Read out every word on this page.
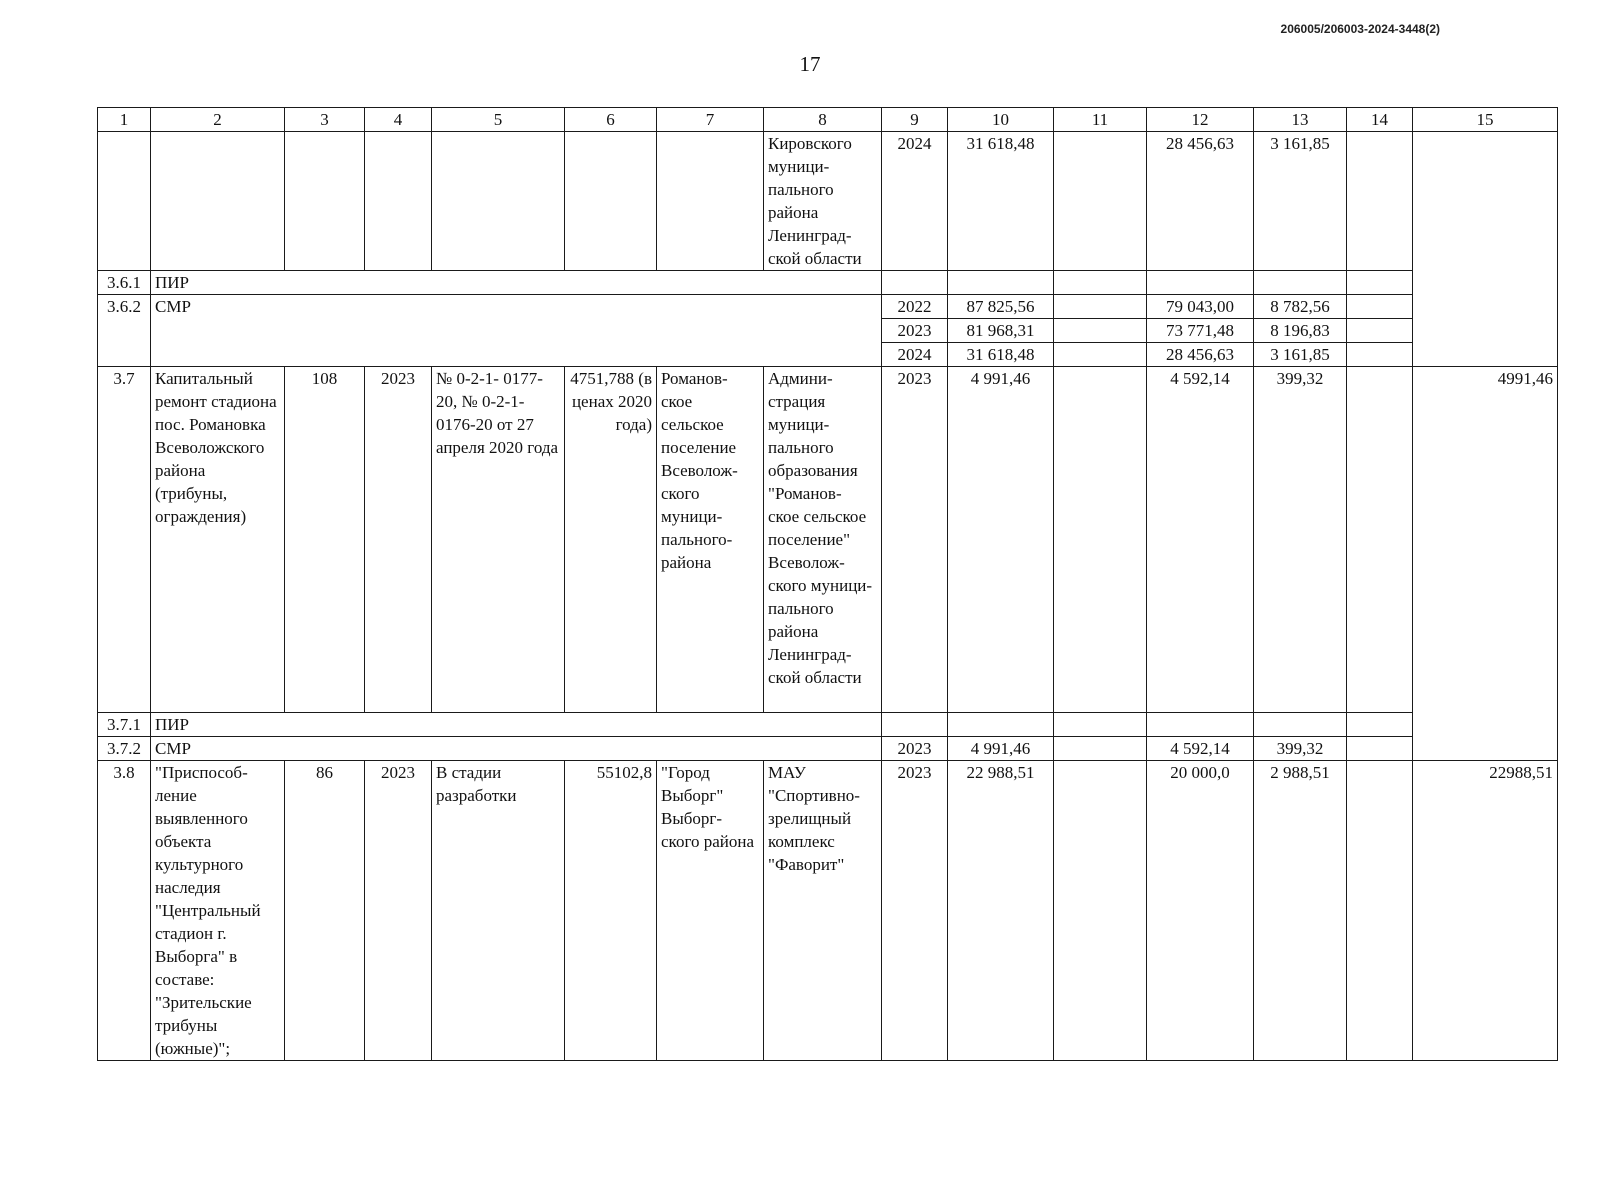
206005/206003-2024-3448(2)
17
1	2	3	4	5	6	7	8	9	10	11	12	13	14	15
							Кировского муници- пального района Ленинград- ской области	2024	31 618,48		28 456,63	3 161,85		
3.6.1	ПИР													
3.6.2	СМР							2022	87 825,56		79 043,00	8 782,56		
								2023	81 968,31		73 771,48	8 196,83		
								2024	31 618,48		28 456,63	3 161,85		
3.7	Капитальный ремонт стадиона пос. Романовка Всеволожского района (трибуны, ограждения)	108	2023	№ 0-2-1- 0177-20, № 0-2-1- 0176-20 от 27 апреля 2020 года	4751,788 (в ценах 2020 года)	Романов- ское сельское поселение Всеволож- ского муници- пального- района	Админи- страция муници- пального образования "Романов- ское сельское поселение" Всеволож- ского муници- пального района Ленинград- ской области	2023	4 991,46		4 592,14	399,32		4991,46
3.7.1	ПИР													
3.7.2	СМР							2023	4 991,46		4 592,14	399,32		
3.8	"Приспособ- ление выявленного объекта культурного наследия "Центральный стадион г. Выборга" в составе: "Зрительские трибуны (южные)";	86	2023	В стадии разработки	55102,8	"Город Выборг" Выборг- ского района	МАУ "Спортивно- зрелищный комплекс "Фаворит"	2023	22 988,51		20 000,0	2 988,51		22988,51
